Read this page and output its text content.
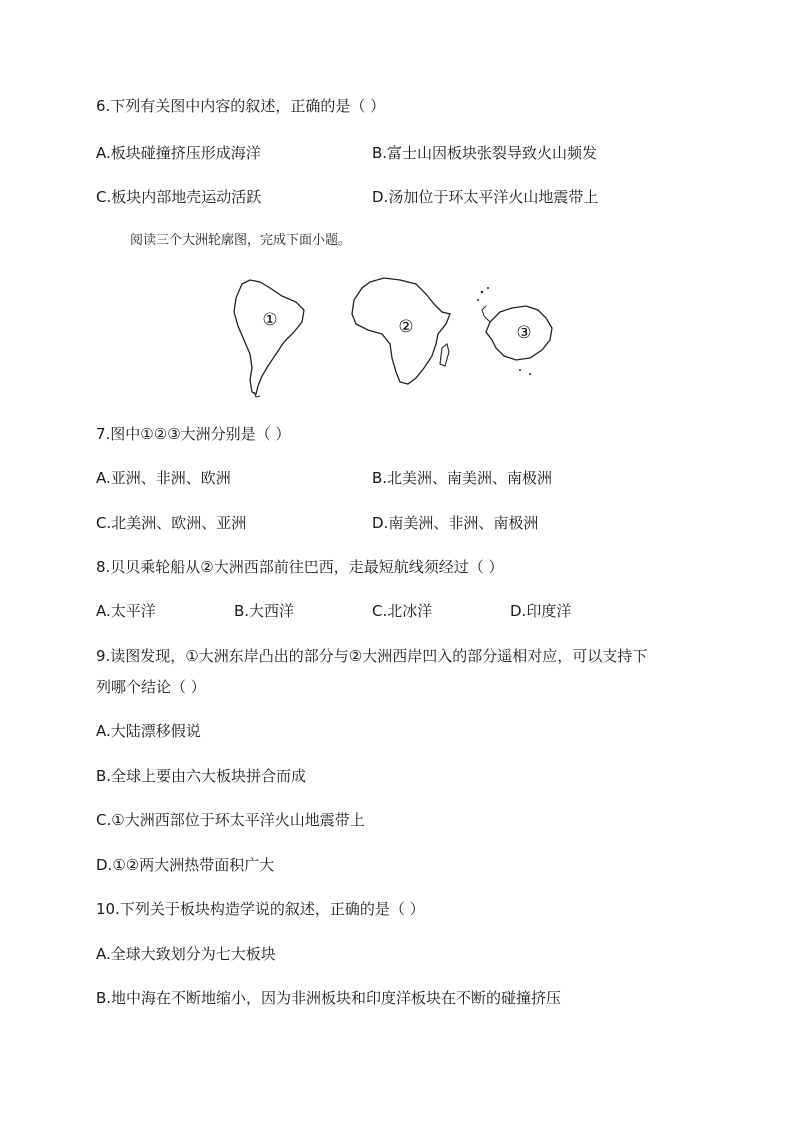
6.下列有关图中内容的叙述，正确的是（ ）
A.板块碰撞挤压形成海洋	B.富士山因板块张裂导致火山频发
C.板块内部地壳运动活跃	D.汤加位于环太平洋火山地震带上
阅读三个大洲轮廓图，完成下面小题。
①	②	③
7.图中①②③大洲分别是（ ）
A.亚洲、非洲、欧洲	B.北美洲、南美洲、南极洲
C.北美洲、欧洲、亚洲	D.南美洲、非洲、南极洲
8.贝贝乘轮船从②大洲西部前往巴西，走最短航线须经过（ ）
A.太平洋	B.大西洋	C.北冰洋	D.印度洋
9.读图发现，①大洲东岸凸出的部分与②大洲西岸凹入的部分遥相对应，可以支持下
列哪个结论（ ）
A.大陆漂移假说
B.全球上要由六大板块拼合而成
C.①大洲西部位于环太平洋火山地震带上
D.①②两大洲热带面积广大
10.下列关于板块构造学说的叙述，正确的是（ ）
A.全球大致划分为七大板块
B.地中海在不断地缩小，因为非洲板块和印度洋板块在不断的碰撞挤压
